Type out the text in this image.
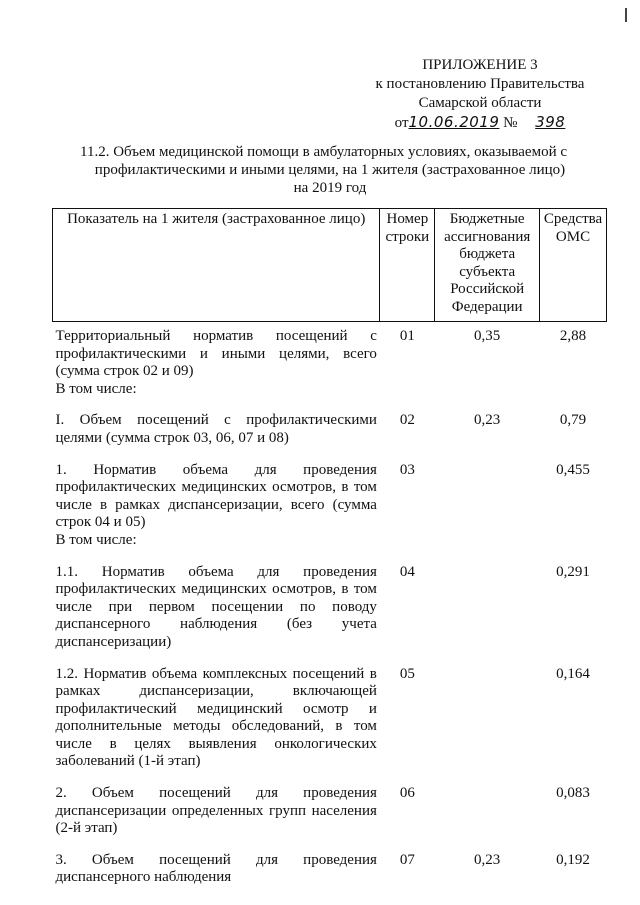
ПРИЛОЖЕНИЕ 3
к постановлению Правительства
Самарской области
от10.06.2019 № 398
11.2. Объем медицинской помощи в амбулаторных условиях, оказываемой с
профилактическими и иными целями, на 1 жителя (застрахованное лицо)
на 2019 год
Показатель на 1 жителя (застрахованное лицо)	Номер строки	Бюджетные ассигнования бюджета субъекта Российской Федерации	Средства ОМС

Территориальный норматив посещений с профилактическими и иными целями, всего (сумма строк 02 и 09)
В том числе:	01	0,35	2,88

I. Объем посещений с профилактическими целями (сумма строк 03, 06, 07 и 08)	02	0,23	0,79

1. Норматив объема для проведения профилактических медицинских осмотров, в том числе в рамках диспансеризации, всего (сумма строк 04 и 05)
В том числе:	03		0,455

1.1. Норматив объема для проведения профилактических медицинских осмотров, в том числе при первом посещении по поводу диспансерного наблюдения (без учета диспансеризации)	04		0,291

1.2. Норматив объема комплексных посещений в рамках диспансеризации, включающей профилактический медицинский осмотр и дополнительные методы обследований, в том числе в целях выявления онкологических заболеваний (1-й этап)	05		0,164

2. Объем посещений для проведения диспансеризации определенных групп населения (2-й этап)	06		0,083

3. Объем посещений для проведения диспансерного наблюдения	07	0,23	0,192
